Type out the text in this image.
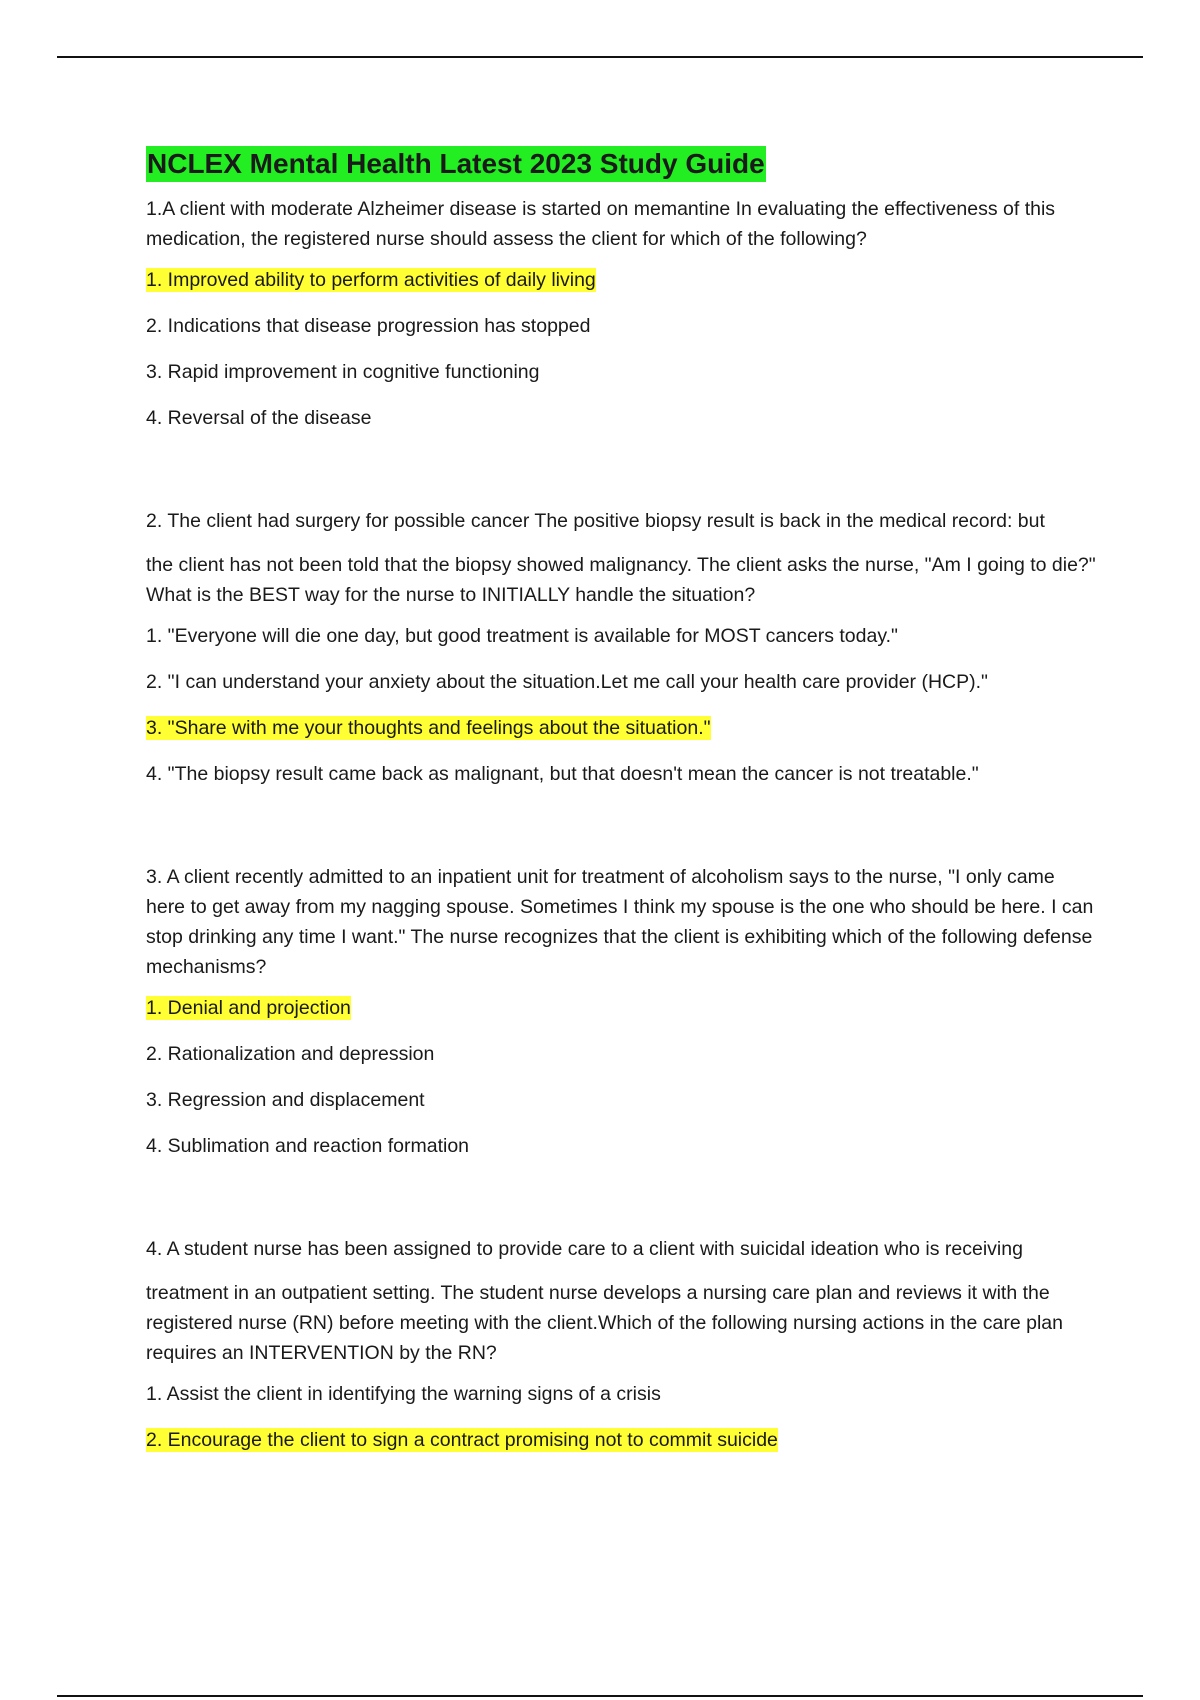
NCLEX Mental Health Latest 2023 Study Guide

1.A client with moderate Alzheimer disease is started on memantine In evaluating the effectiveness of this medication, the registered nurse should assess the client for which of the following?

1. Improved ability to perform activities of daily living
2. Indications that disease progression has stopped
3. Rapid improvement in cognitive functioning
4. Reversal of the disease

2. The client had surgery for possible cancer The positive biopsy result is back in the medical record: but

the client has not been told that the biopsy showed malignancy. The client asks the nurse, "Am I going to die?" What is the BEST way for the nurse to INITIALLY handle the situation?

1. "Everyone will die one day, but good treatment is available for MOST cancers today."
2. "I can understand your anxiety about the situation.Let me call your health care provider (HCP)."
3. "Share with me your thoughts and feelings about the situation."
4. "The biopsy result came back as malignant, but that doesn't mean the cancer is not treatable."

3. A client recently admitted to an inpatient unit for treatment of alcoholism says to the nurse, "I only came here to get away from my nagging spouse. Sometimes I think my spouse is the one who should be here. I can stop drinking any time I want." The nurse recognizes that the client is exhibiting which of the following defense mechanisms?

1. Denial and projection
2. Rationalization and depression
3. Regression and displacement
4. Sublimation and reaction formation

4. A student nurse has been assigned to provide care to a client with suicidal ideation who is receiving

treatment in an outpatient setting. The student nurse develops a nursing care plan and reviews it with the registered nurse (RN) before meeting with the client.Which of the following nursing actions in the care plan requires an INTERVENTION by the RN?

1. Assist the client in identifying the warning signs of a crisis
2. Encourage the client to sign a contract promising not to commit suicide
